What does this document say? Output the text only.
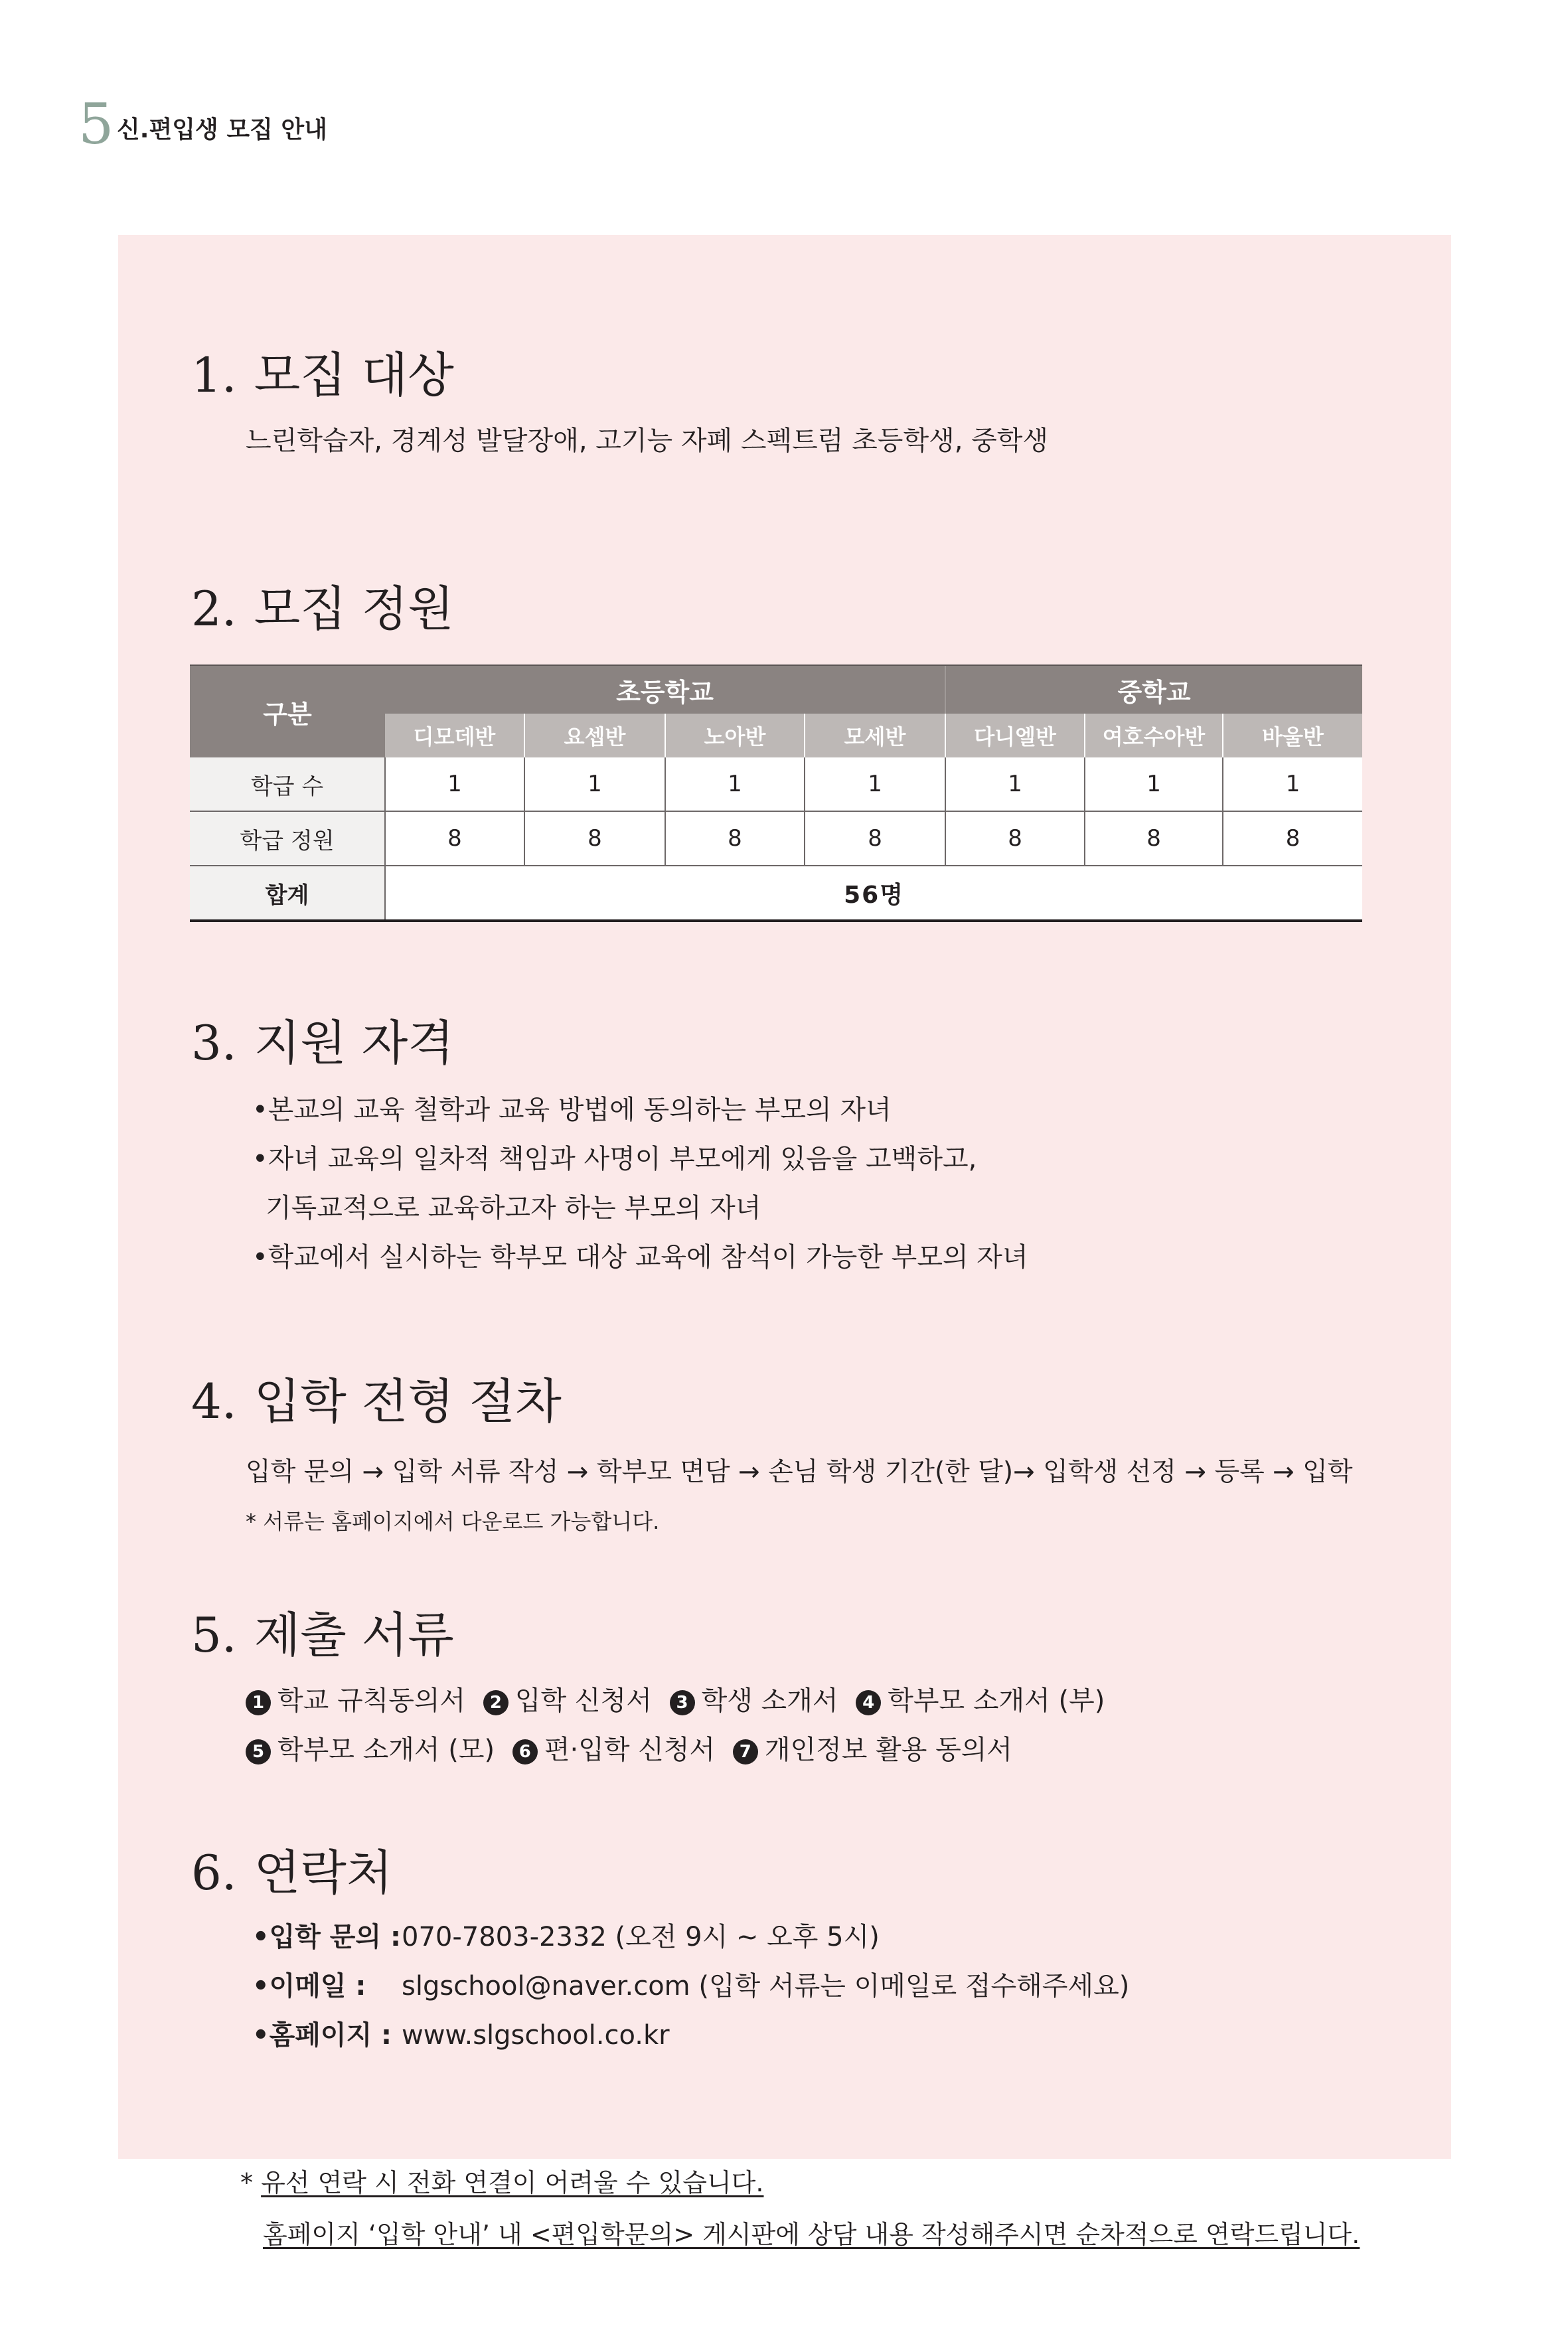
5 신.편입생 모집 안내
1. 모집 대상
느린학습자, 경계성 발달장애, 고기능 자폐 스펙트럼 초등학생, 중학생
2. 모집 정원
구분	초등학교				중학교		
	디모데반	요셉반	노아반	모세반	다니엘반	여호수아반	바울반
학급 수	1	1	1	1	1	1	1
학급 정원	8	8	8	8	8	8	8
합계	56명						
3. 지원 자격
•본교의 교육 철학과 교육 방법에 동의하는 부모의 자녀
•자녀 교육의 일차적 책임과 사명이 부모에게 있음을 고백하고,
기독교적으로 교육하고자 하는 부모의 자녀
•학교에서 실시하는 학부모 대상 교육에 참석이 가능한 부모의 자녀
4. 입학 전형 절차
입학 문의 → 입학 서류 작성 → 학부모 면담 → 손님 학생 기간(한 달)→ 입학생 선정 → 등록 → 입학
* 서류는 홈페이지에서 다운로드 가능합니다.
5. 제출 서류
1 학교 규칙동의서 2 입학 신청서 3 학생 소개서 4 학부모 소개서 (부)
5 학부모 소개서 (모) 6 편·입학 신청서 7 개인정보 활용 동의서
6. 연락처
•입학 문의 :070-7803-2332 (오전 9시 ~ 오후 5시)
•이메일 : slgschool@naver.com (입학 서류는 이메일로 접수해주세요)
•홈페이지 : www.slgschool.co.kr
* 유선 연락 시 전화 연결이 어려울 수 있습니다.
홈페이지 ‘입학 안내’ 내 <편입학문의> 게시판에 상담 내용 작성해주시면 순차적으로 연락드립니다.
